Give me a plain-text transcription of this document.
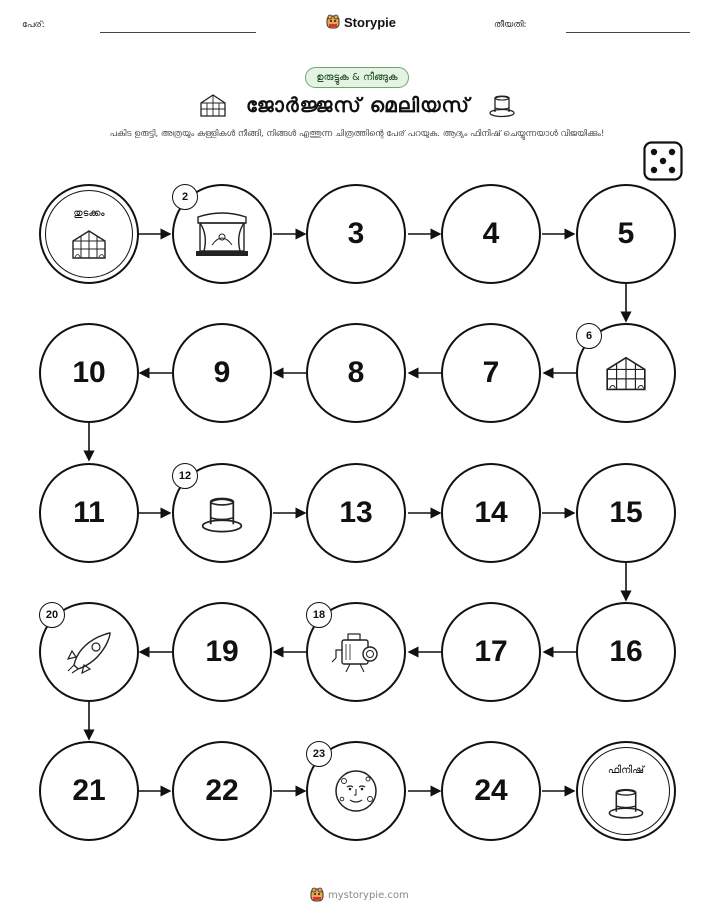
പേര്:	Storypie	തീയതി:
ഉരുട്ടുക & നീങ്ങുക
ജോർജ്ജസ് മെലിയസ്
പകിട ഉരുട്ടി, അത്രയും കള്ളികൾ നീങ്ങി, നിങ്ങൾ എത്തുന്ന ചിത്രത്തിന്റെ പേര് പറയുക. ആദ്യം ഫിനിഷ് ചെയ്യുന്നയാൾ വിജയിക്കും!
തുടക്കം
2
3	4	5
10	9	8	7
6
11
12
13	14	15
20
19
18
17	16
21	22
23
24
ഫിനിഷ്
mystorypie.com
